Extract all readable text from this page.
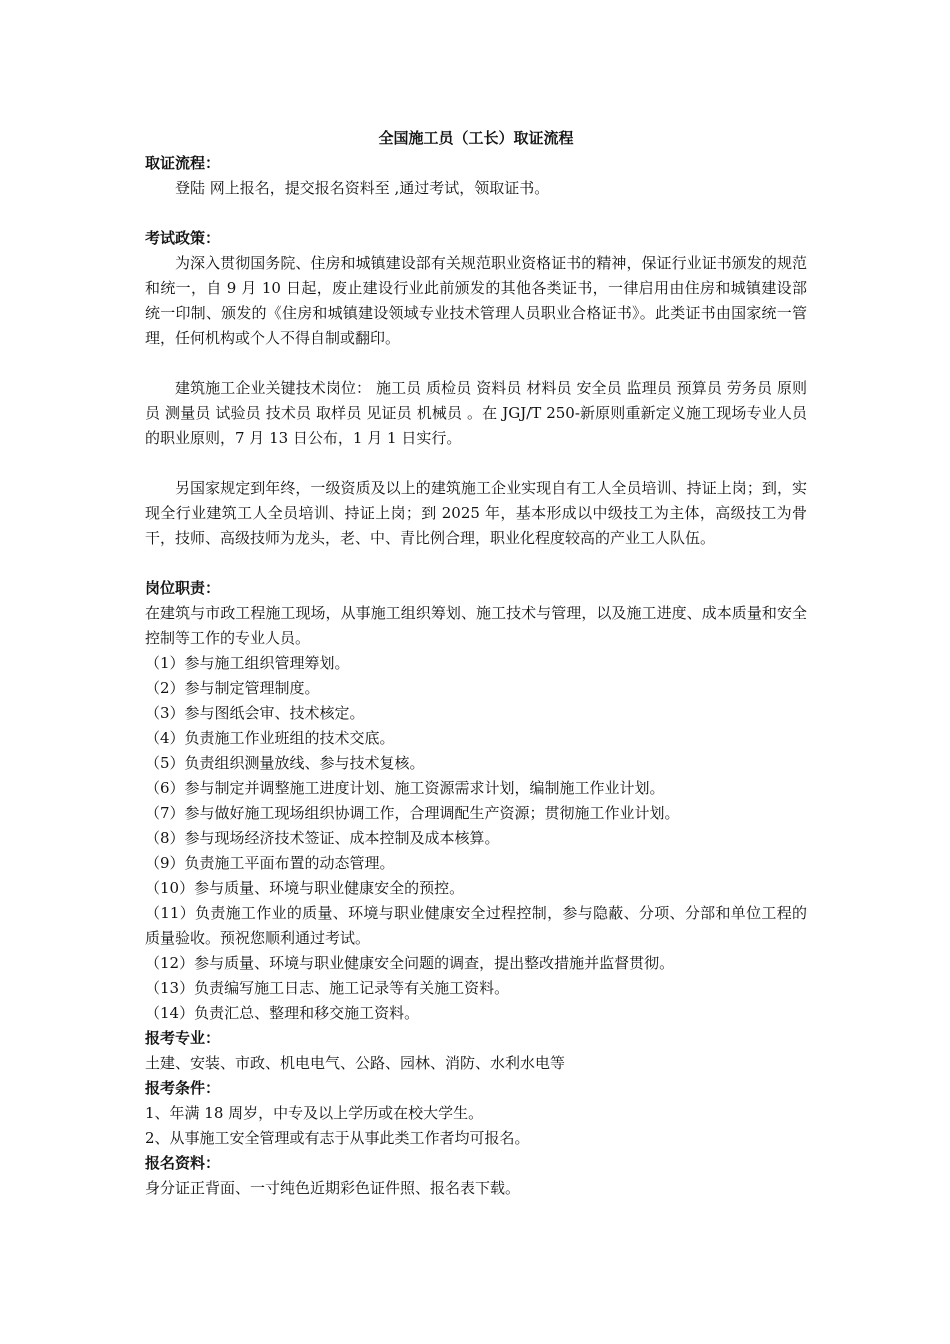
全国施工员（工长）取证流程

取证流程：

登陆 网上报名，提交报名资料至 ,通过考试，领取证书。

考试政策：

为深入贯彻国务院、住房和城镇建设部有关规范职业资格证书的精神，保证行业证书颁发的规范和统一，自 9 月 10 日起，废止建设行业此前颁发的其他各类证书，一律启用由住房和城镇建设部统一印制、颁发的《住房和城镇建设领域专业技术管理人员职业合格证书》。此类证书由国家统一管理，任何机构或个人不得自制或翻印。

建筑施工企业关键技术岗位： 施工员 质检员 资料员 材料员 安全员 监理员 预算员 劳务员 原则员 测量员 试验员 技术员 取样员 见证员 机械员 。在 JGJ/T 250-新原则重新定义施工现场专业人员的职业原则，7 月 13 日公布，1 月 1 日实行。

另国家规定到年终，一级资质及以上的建筑施工企业实现自有工人全员培训、持证上岗；到，实现全行业建筑工人全员培训、持证上岗；到 2025 年，基本形成以中级技工为主体，高级技工为骨干，技师、高级技师为龙头，老、中、青比例合理，职业化程度较高的产业工人队伍。

岗位职责：

在建筑与市政工程施工现场，从事施工组织筹划、施工技术与管理，以及施工进度、成本质量和安全控制等工作的专业人员。

（1）参与施工组织管理筹划。
（2）参与制定管理制度。
（3）参与图纸会审、技术核定。
（4）负责施工作业班组的技术交底。
（5）负责组织测量放线、参与技术复核。
（6）参与制定并调整施工进度计划、施工资源需求计划，编制施工作业计划。
（7）参与做好施工现场组织协调工作，合理调配生产资源；贯彻施工作业计划。
（8）参与现场经济技术签证、成本控制及成本核算。
（9）负责施工平面布置的动态管理。
（10）参与质量、环境与职业健康安全的预控。
（11）负责施工作业的质量、环境与职业健康安全过程控制，参与隐蔽、分项、分部和单位工程的质量验收。预祝您顺利通过考试。
（12）参与质量、环境与职业健康安全问题的调查，提出整改措施并监督贯彻。
（13）负责编写施工日志、施工记录等有关施工资料。
（14）负责汇总、整理和移交施工资料。

报考专业：

土建、安装、市政、机电电气、公路、园林、消防、水利水电等

报考条件：

1、年满 18 周岁，中专及以上学历或在校大学生。

2、从事施工安全管理或有志于从事此类工作者均可报名。

报名资料：

身分证正背面、一寸纯色近期彩色证件照、报名表下载。
